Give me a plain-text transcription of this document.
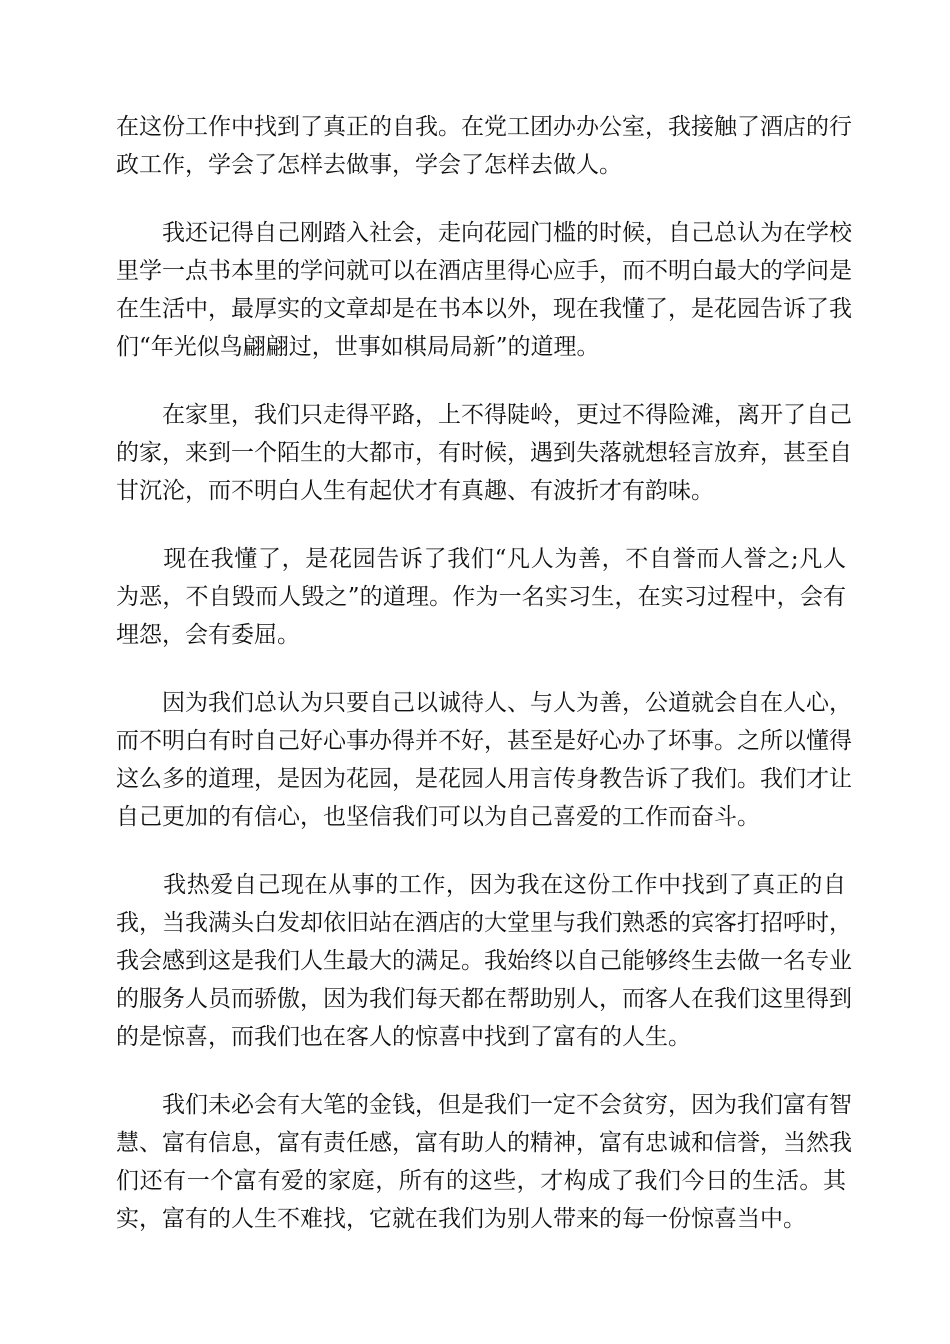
在这份工作中找到了真正的自我。在党工团办办公室，我接触了酒店的行
政工作，学会了怎样去做事，学会了怎样去做人。
　　我还记得自己刚踏入社会，走向花园门槛的时候，自己总认为在学校
里学一点书本里的学问就可以在酒店里得心应手，而不明白最大的学问是
在生活中，最厚实的文章却是在书本以外，现在我懂了，是花园告诉了我
们“年光似鸟翩翩过，世事如棋局局新”的道理。
　　在家里，我们只走得平路，上不得陡岭，更过不得险滩，离开了自己
的家，来到一个陌生的大都市，有时候，遇到失落就想轻言放弃，甚至自
甘沉沦，而不明白人生有起伏才有真趣、有波折才有韵味。
　　现在我懂了，是花园告诉了我们“凡人为善，不自誉而人誉之;凡人
为恶，不自毁而人毁之”的道理。作为一名实习生，在实习过程中，会有
埋怨，会有委屈。
　　因为我们总认为只要自己以诚待人、与人为善，公道就会自在人心，
而不明白有时自己好心事办得并不好，甚至是好心办了坏事。之所以懂得
这么多的道理，是因为花园，是花园人用言传身教告诉了我们。我们才让
自己更加的有信心，也坚信我们可以为自己喜爱的工作而奋斗。
　　我热爱自己现在从事的工作，因为我在这份工作中找到了真正的自
我，当我满头白发却依旧站在酒店的大堂里与我们熟悉的宾客打招呼时，
我会感到这是我们人生最大的满足。我始终以自己能够终生去做一名专业
的服务人员而骄傲，因为我们每天都在帮助别人，而客人在我们这里得到
的是惊喜，而我们也在客人的惊喜中找到了富有的人生。
　　我们未必会有大笔的金钱，但是我们一定不会贫穷，因为我们富有智
慧、富有信息，富有责任感，富有助人的精神，富有忠诚和信誉，当然我
们还有一个富有爱的家庭，所有的这些，才构成了我们今日的生活。其
实，富有的人生不难找，它就在我们为别人带来的每一份惊喜当中。
